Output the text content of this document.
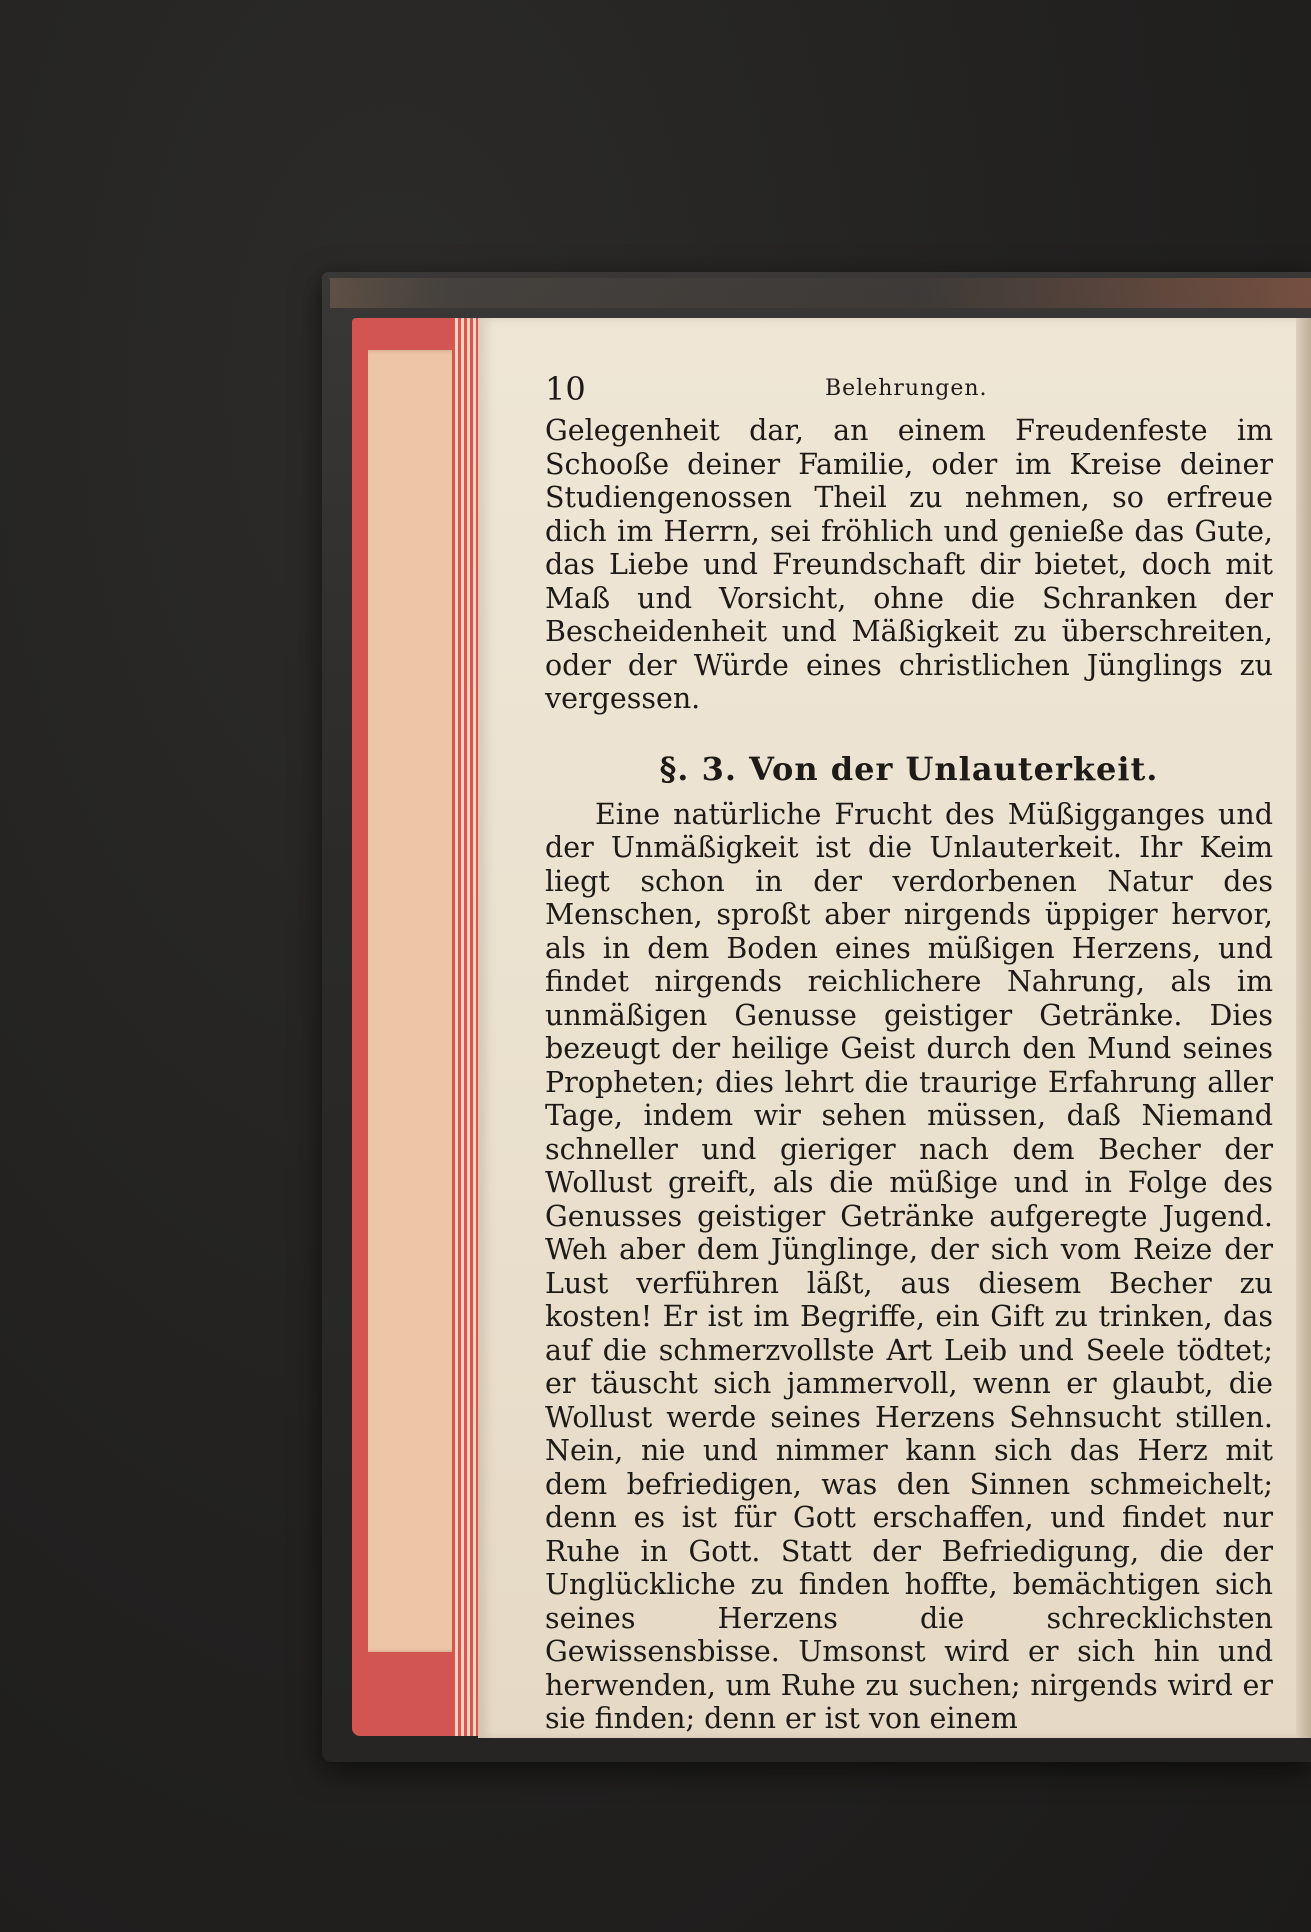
10	Belehrungen.

Gelegenheit dar, an einem Freudenfeste im Schooße deiner Familie, oder im Kreise deiner Studiengenossen Theil zu nehmen, so erfreue dich im Herrn, sei fröhlich und genieße das Gute, das Liebe und Freundschaft dir bietet, doch mit Maß und Vorsicht, ohne die Schranken der Bescheidenheit und Mäßigkeit zu überschreiten, oder der Würde eines christlichen Jünglings zu vergessen.

§. 3. Von der Unlauterkeit.

Eine natürliche Frucht des Müßigganges und der Unmäßigkeit ist die Unlauterkeit. Ihr Keim liegt schon in der verdorbenen Natur des Menschen, sproßt aber nirgends üppiger hervor, als in dem Boden eines müßigen Herzens, und findet nirgends reichlichere Nahrung, als im unmäßigen Genusse geistiger Getränke. Dies bezeugt der heilige Geist durch den Mund seines Propheten; dies lehrt die traurige Erfahrung aller Tage, indem wir sehen müssen, daß Niemand schneller und gieriger nach dem Becher der Wollust greift, als die müßige und in Folge des Genusses geistiger Getränke aufgeregte Jugend. Weh aber dem Jünglinge, der sich vom Reize der Lust verführen läßt, aus diesem Becher zu kosten! Er ist im Begriffe, ein Gift zu trinken, das auf die schmerzvollste Art Leib und Seele tödtet; er täuscht sich jammervoll, wenn er glaubt, die Wollust werde seines Herzens Sehnsucht stillen. Nein, nie und nimmer kann sich das Herz mit dem befriedigen, was den Sinnen schmeichelt; denn es ist für Gott erschaffen, und findet nur Ruhe in Gott. Statt der Befriedigung, die der Unglückliche zu finden hoffte, bemächtigen sich seines Herzens die schrecklichsten Gewissensbisse. Umsonst wird er sich hin und herwenden, um Ruhe zu suchen; nirgends wird er sie finden; denn er ist von einem
